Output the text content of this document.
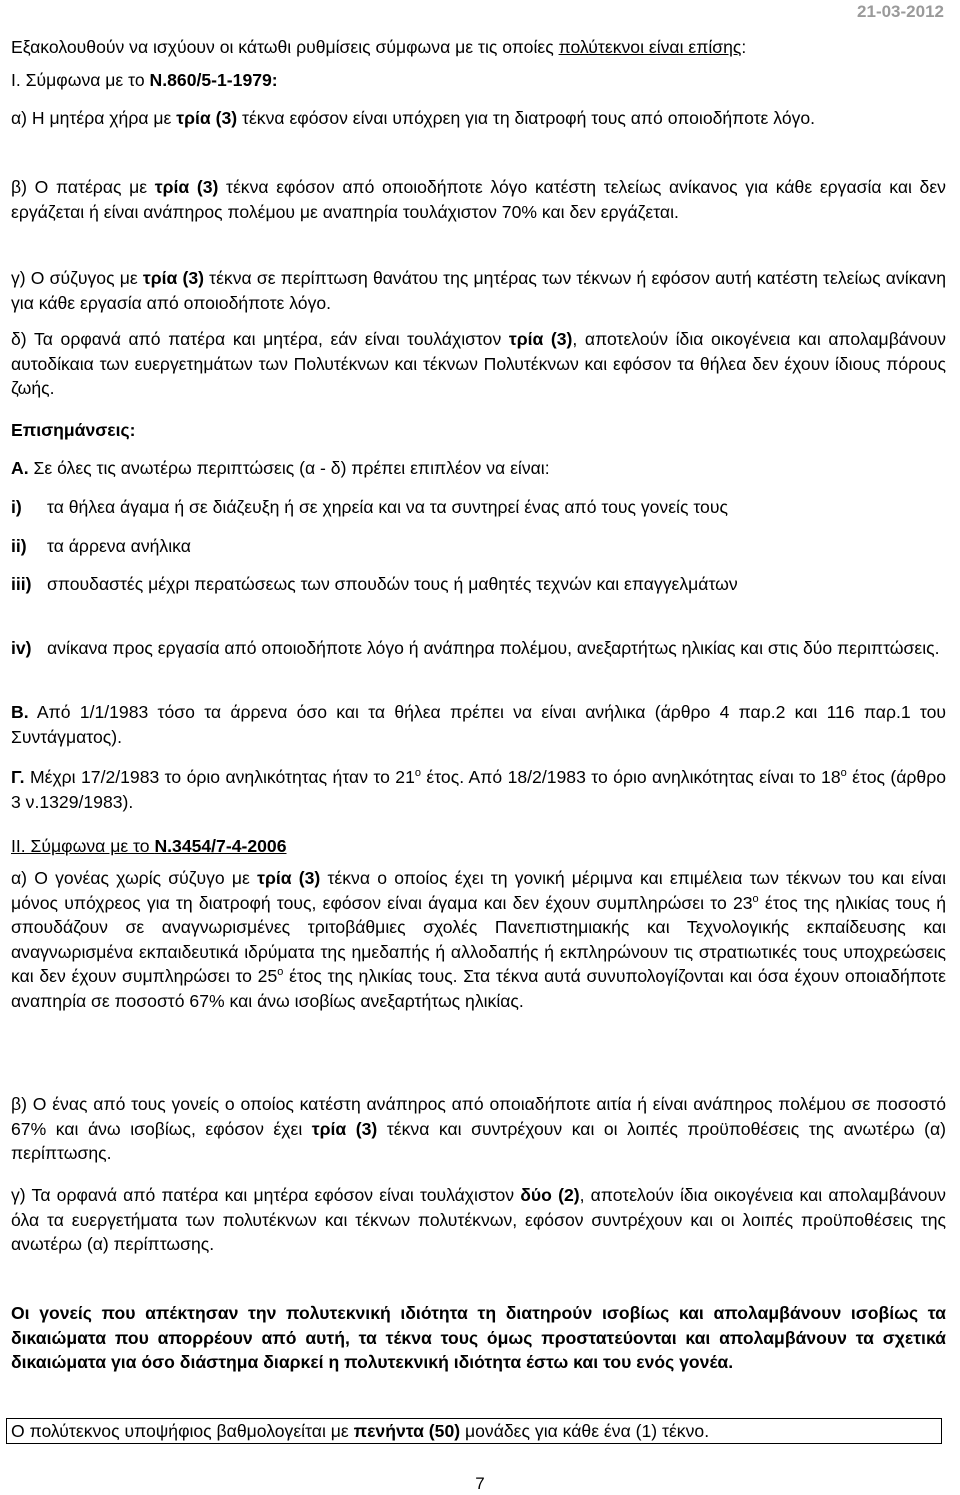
21-03-2012

Εξακολουθούν να ισχύουν οι κάτωθι ρυθμίσεις σύμφωνα με τις οποίες πολύτεκνοι είναι επίσης:

Ι. Σύμφωνα με το Ν.860/5-1-1979:

α) Η μητέρα χήρα με τρία (3) τέκνα εφόσον είναι υπόχρεη για τη διατροφή τους από οποιοδήποτε λόγο.

β) Ο πατέρας με τρία (3) τέκνα εφόσον από οποιοδήποτε λόγο κατέστη τελείως ανίκανος για κάθε εργασία και δεν εργάζεται ή είναι ανάπηρος πολέμου με αναπηρία τουλάχιστον 70% και δεν εργάζεται.

γ) Ο σύζυγος με τρία (3) τέκνα σε περίπτωση θανάτου της μητέρας των τέκνων ή εφόσον αυτή κατέστη τελείως ανίκανη για κάθε εργασία από οποιοδήποτε λόγο.

δ) Τα ορφανά από πατέρα και μητέρα, εάν είναι τουλάχιστον τρία (3), αποτελούν ίδια οικογένεια και απολαμβάνουν αυτοδίκαια των ευεργετημάτων των Πολυτέκνων και τέκνων Πολυτέκνων και εφόσον τα θήλεα δεν έχουν ίδιους πόρους ζωής.

Επισημάνσεις:

Α. Σε όλες τις ανωτέρω περιπτώσεις (α - δ) πρέπει επιπλέον να είναι:

i)	τα θήλεα άγαμα ή σε διάζευξη ή σε χηρεία και να τα συντηρεί ένας από τους γονείς τους
ii)	τα άρρενα ανήλικα
iii) σπουδαστές μέχρι περατώσεως των σπουδών τους ή μαθητές τεχνών και επαγγελμάτων
iv) ανίκανα προς εργασία από οποιοδήποτε λόγο ή ανάπηρα πολέμου, ανεξαρτήτως ηλικίας και στις δύο περιπτώσεις.

Β. Από 1/1/1983 τόσο τα άρρενα όσο και τα θήλεα πρέπει να είναι ανήλικα (άρθρο 4 παρ.2 και 116 παρ.1 του Συντάγματος).

Γ. Μέχρι 17/2/1983 το όριο ανηλικότητας ήταν το $21^o$ έτος. Από 18/2/1983 το όριο ανηλικότητας είναι το $18^o$ έτος (άρθρο 3 ν.1329/1983).

ΙΙ. Σύμφωνα με το Ν.3454/7-4-2006

α) Ο γονέας χωρίς σύζυγο με τρία (3) τέκνα ο οποίος έχει τη γονική μέριμνα και επιμέλεια των τέκνων του και είναι μόνος υπόχρεος για τη διατροφή τους, εφόσον είναι άγαμα και δεν έχουν συμπληρώσει το $23^o$ έτος της ηλικίας τους ή σπουδάζουν σε αναγνωρισμένες τριτοβάθμιες σχολές Πανεπιστημιακής και Τεχνολογικής εκπαίδευσης και αναγνωρισμένα εκπαιδευτικά ιδρύματα της ημεδαπής ή αλλοδαπής ή εκπληρώνουν τις στρατιωτικές τους υποχρεώσεις και δεν έχουν συμπληρώσει το $25^o$ έτος της ηλικίας τους. Στα τέκνα αυτά συνυπολογίζονται και όσα έχουν οποιαδήποτε αναπηρία σε ποσοστό 67% και άνω ισοβίως ανεξαρτήτως ηλικίας.

β) Ο ένας από τους γονείς ο οποίος κατέστη ανάπηρος από οποιαδήποτε αιτία ή είναι ανάπηρος πολέμου σε ποσοστό 67% και άνω ισοβίως, εφόσον έχει τρία (3) τέκνα και συντρέχουν και οι λοιπές προϋποθέσεις της ανωτέρω (α) περίπτωσης.

γ) Τα ορφανά από πατέρα και μητέρα εφόσον είναι τουλάχιστον δύο (2), αποτελούν ίδια οικογένεια και απολαμβάνουν όλα τα ευεργετήματα των πολυτέκνων και τέκνων πολυτέκνων, εφόσον συντρέχουν και οι λοιπές προϋποθέσεις της ανωτέρω (α) περίπτωσης.

Οι γονείς που απέκτησαν την πολυτεκνική ιδιότητα τη διατηρούν ισοβίως και απολαμβάνουν ισοβίως τα δικαιώματα που απορρέουν από αυτή, τα τέκνα τους όμως προστατεύονται και απολαμβάνουν τα σχετικά δικαιώματα για όσο διάστημα διαρκεί η πολυτεκνική ιδιότητα έστω και του ενός γονέα.

Ο πολύτεκνος υποψήφιος βαθμολογείται με πενήντα (50) μονάδες για κάθε ένα (1) τέκνο.

7
